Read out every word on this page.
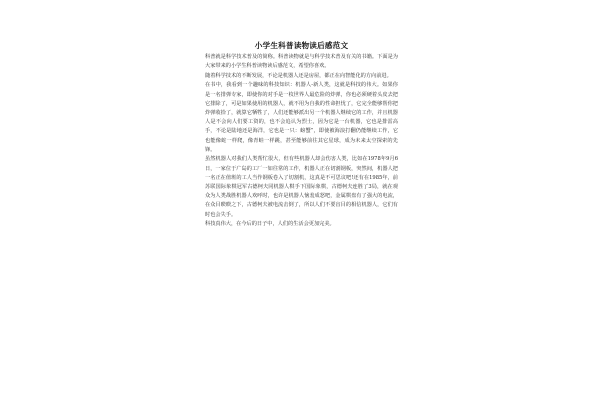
小学生科普读物读后感范文

科普就是科学技术普及的简称。科普读物就是与科学技术普及有关的书籍。下面是为大家带来的小学生科普读物读后感范文，希望你喜欢。

随着科学技术的不断发展，不论是机器人还是房屋，都正在向智能化的方向前进。

在书中，我看到一个趣味的科技知识：机器人-新人类，这就是科技的伟大。如果你是一名排弹专家，即使你的对手是一枚世界人最危险的炸弹，你也必须硬着头皮去把它排除了，可是如果使用的机器人，就不用为自我的性命担忧了，它完全能够帮你把炸弹收拾了，就算它牺牲了，人们还能够派出另一个机器人继续它的工作，并且机器人是不会向人们要工资的，也不会追认为烈士，因为它是一台机器，它也是排雷高手，不论是陆地还是海洋，它也是一只：螃蟹”，即使被海浪打翻仍能继续工作，它也能像蛇一样爬，像青蛙一样跳，甚至能够前往其它星球，成为未来太空探索的先锋。

虽然机器人对我们人类帮忙很大，但有些机器人却会伤害人类，比如在1978年9月6日，一家位于广岛的工厂一如往常的工作，机器人正在切割钢板，突然间，机器人把一名正在值班的工人当作钢板卷入了切割机，这真是不可思议吧!还有在1985年，前苏联国际象棋冠军古德柯夫同机器人棋手下国际象棋，古德柯夫连胜了3局，就在观众为人类战胜机器人欢呼时，也许是机器人恼羞成怒吧，金属棋盘有了强大的电流，在众目睽睽之下，古德柯夫被电流击倒了，所以人们不要盲目的相信机器人，它们有时也会失手。

科技真伟大，在今后的日子中，人们的生活会更加完美。
